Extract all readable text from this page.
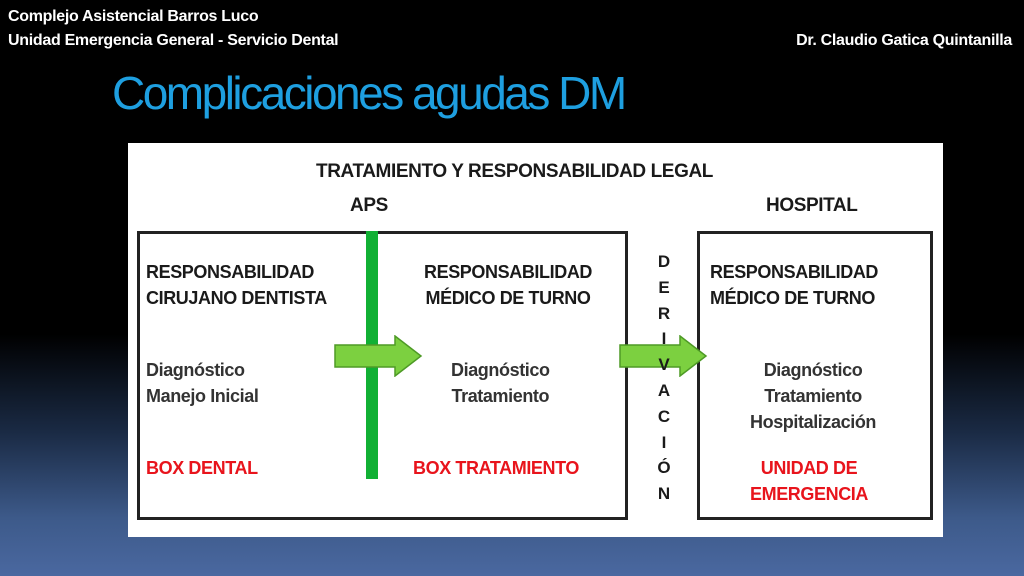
Complejo Asistencial Barros Luco
Unidad Emergencia General - Servicio Dental	Dr. Claudio Gatica Quintanilla
Complicaciones agudas DM
TRATAMIENTO Y RESPONSABILIDAD LEGAL
APS	HOSPITAL
RESPONSABILIDAD
CIRUJANO DENTISTA
Diagnóstico
Manejo Inicial
BOX DENTAL
RESPONSABILIDAD
MÉDICO DE TURNO
Diagnóstico
Tratamiento
BOX TRATAMIENTO
D
E
R
I
V
A
C
I
Ó
N
RESPONSABILIDAD
MÉDICO DE TURNO
Diagnóstico
Tratamiento
Hospitalización
UNIDAD DE
EMERGENCIA
